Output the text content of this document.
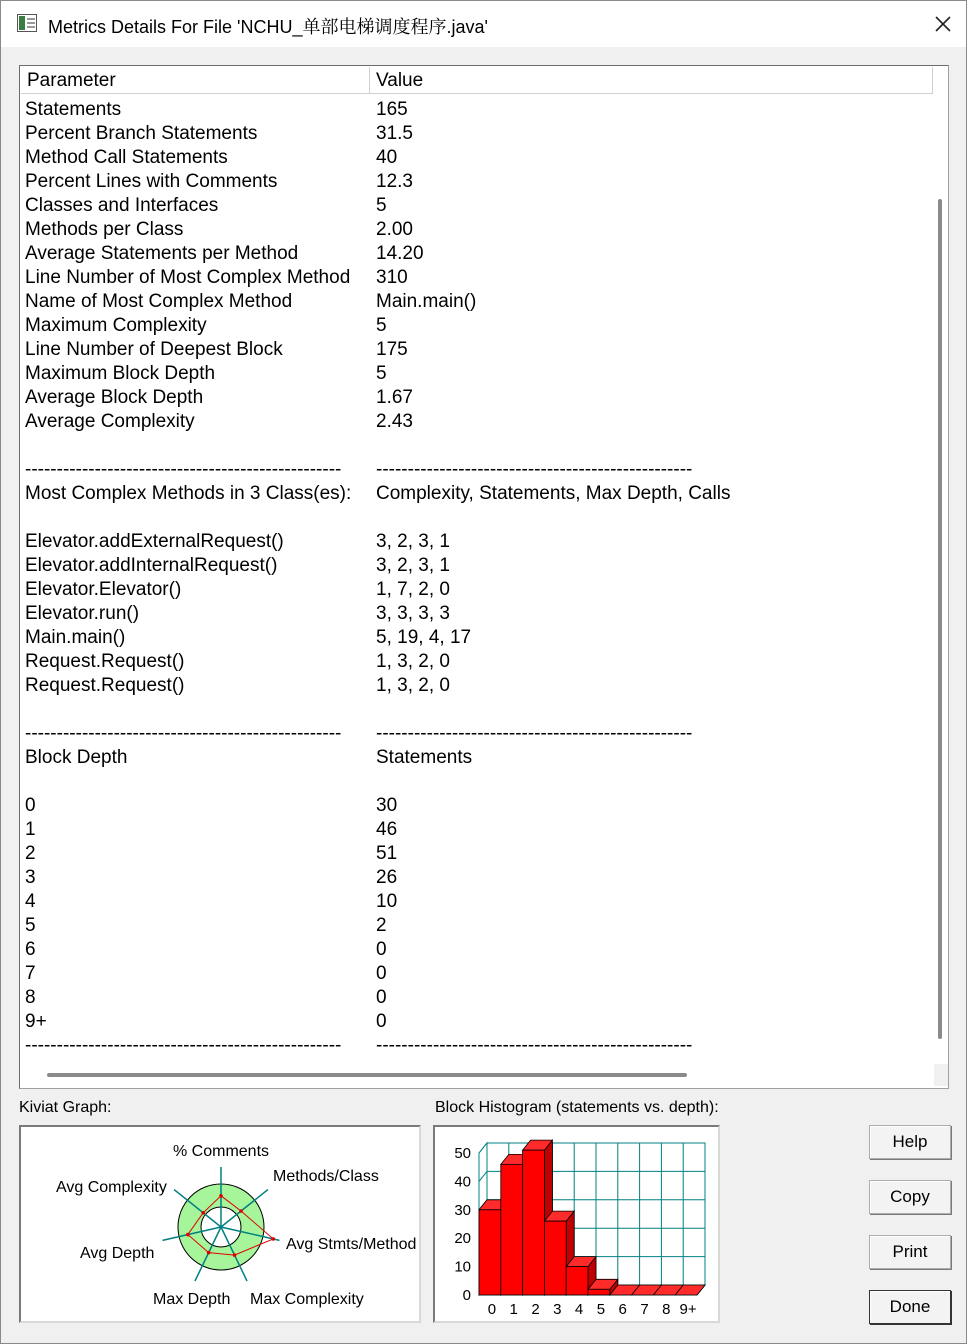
Metrics Details For File 'NCHU_单部电梯调度程序.java'
Parameter	Value
Statements	165
Percent Branch Statements	31.5
Method Call Statements	40
Percent Lines with Comments	12.3
Classes and Interfaces	5
Methods per Class	2.00
Average Statements per Method	14.20
Line Number of Most Complex Method 310
Name of Most Complex Method	Main.main()
Maximum Complexity	5
Line Number of Deepest Block	175
Maximum Block Depth	5
Average Block Depth	1.67
Average Complexity	2.43
-------------------------------------------------- --------------------------------------------------
Most Complex Methods in 3 Class(es): Complexity, Statements, Max Depth, Calls
Elevator.addExternalRequest()	3, 2, 3, 1
Elevator.addInternalRequest()	3, 2, 3, 1
Elevator.Elevator()	1, 7, 2, 0
Elevator.run()	3, 3, 3, 3
Main.main()	5, 19, 4, 17
Request.Request()	1, 3, 2, 0
Request.Request()	1, 3, 2, 0
-------------------------------------------------- --------------------------------------------------
Block Depth	Statements
0	30
1	46
2	51
3	26
4	10
5	2
6	0
7	0
8	0
9+	0
-------------------------------------------------- --------------------------------------------------
Kiviat Graph:
% Comments
Methods/Class
Avg Stmts/Method
Max Complexity
Max Depth
Avg Depth
Avg Complexity
Block Histogram (statements vs. depth):
0
10
20
30
40
50
0 1 2 3 4 5 6 7 8 9+
Help
Copy
Print
Done
